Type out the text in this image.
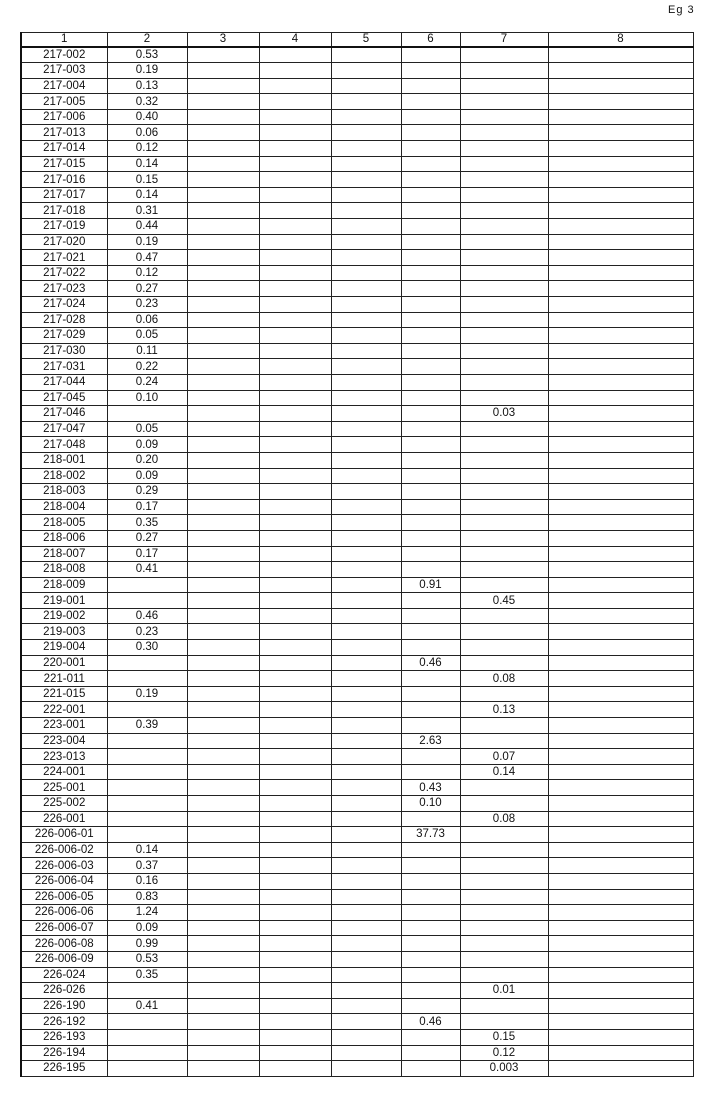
Eg 3
1	2	3	4	5	6	7	8
217-002	0.53						
217-003	0.19						
217-004	0.13						
217-005	0.32						
217-006	0.40						
217-013	0.06						
217-014	0.12						
217-015	0.14						
217-016	0.15						
217-017	0.14						
217-018	0.31						
217-019	0.44						
217-020	0.19						
217-021	0.47						
217-022	0.12						
217-023	0.27						
217-024	0.23						
217-028	0.06						
217-029	0.05						
217-030	0.11						
217-031	0.22						
217-044	0.24						
217-045	0.10						
217-046						0.03	
217-047	0.05						
217-048	0.09						
218-001	0.20						
218-002	0.09						
218-003	0.29						
218-004	0.17						
218-005	0.35						
218-006	0.27						
218-007	0.17						
218-008	0.41						
218-009					0.91		
219-001						0.45	
219-002	0.46						
219-003	0.23						
219-004	0.30						
220-001					0.46		
221-011						0.08	
221-015	0.19						
222-001						0.13	
223-001	0.39						
223-004					2.63		
223-013						0.07	
224-001						0.14	
225-001					0.43		
225-002					0.10		
226-001						0.08	
226-006-01					37.73		
226-006-02	0.14						
226-006-03	0.37						
226-006-04	0.16						
226-006-05	0.83						
226-006-06	1.24						
226-006-07	0.09						
226-006-08	0.99						
226-006-09	0.53						
226-024	0.35						
226-026						0.01	
226-190	0.41						
226-192					0.46		
226-193						0.15	
226-194						0.12	
226-195						0.003	
